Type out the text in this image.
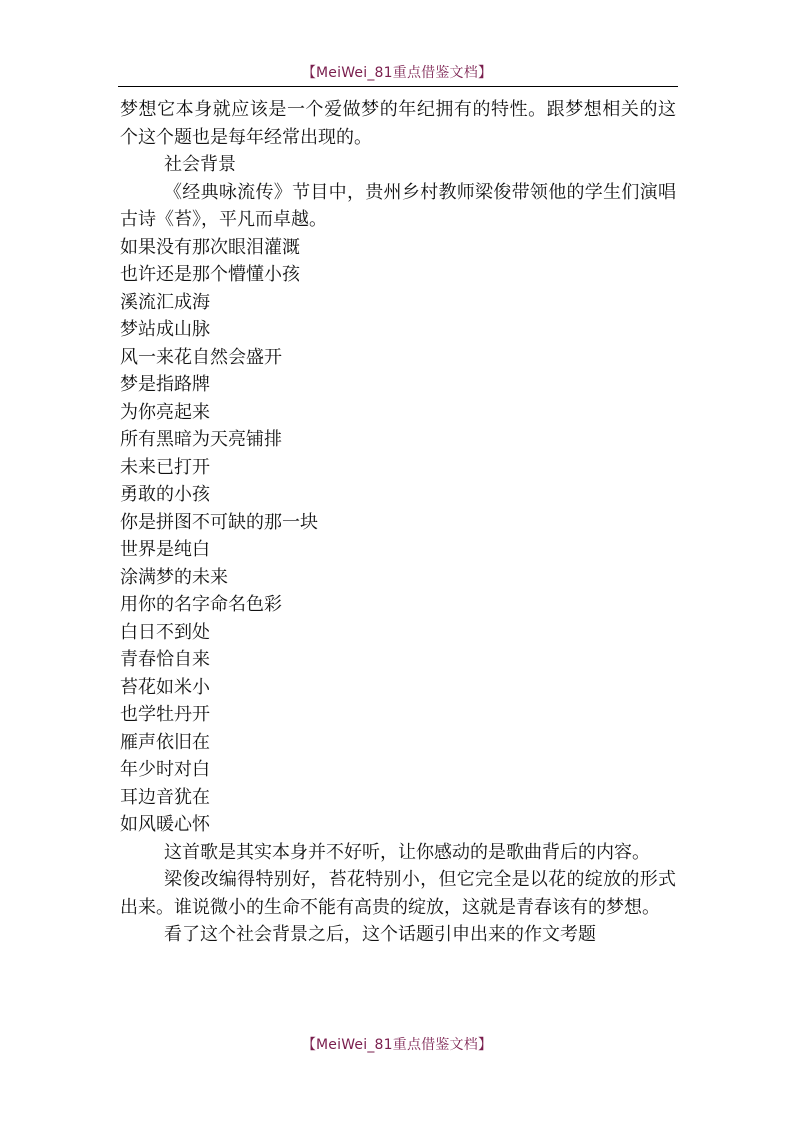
【MeiWei_81重点借鉴文档】

梦想它本身就应该是一个爱做梦的年纪拥有的特性。跟梦想相关的这个这个题也是每年经常出现的。

社会背景

《经典咏流传》节目中，贵州乡村教师梁俊带领他的学生们演唱古诗《苔》，平凡而卓越。

如果没有那次眼泪灌溉

也许还是那个懵懂小孩

溪流汇成海

梦站成山脉

风一来花自然会盛开

梦是指路牌

为你亮起来

所有黑暗为天亮铺排

未来已打开

勇敢的小孩

你是拼图不可缺的那一块

世界是纯白

涂满梦的未来

用你的名字命名色彩

白日不到处

青春恰自来

苔花如米小

也学牡丹开

雁声依旧在

年少时对白

耳边音犹在

如风暖心怀

这首歌是其实本身并不好听，让你感动的是歌曲背后的内容。

梁俊改编得特别好，苔花特别小，但它完全是以花的绽放的形式出来。谁说微小的生命不能有高贵的绽放，这就是青春该有的梦想。

看了这个社会背景之后，这个话题引申出来的作文考题

【MeiWei_81重点借鉴文档】
